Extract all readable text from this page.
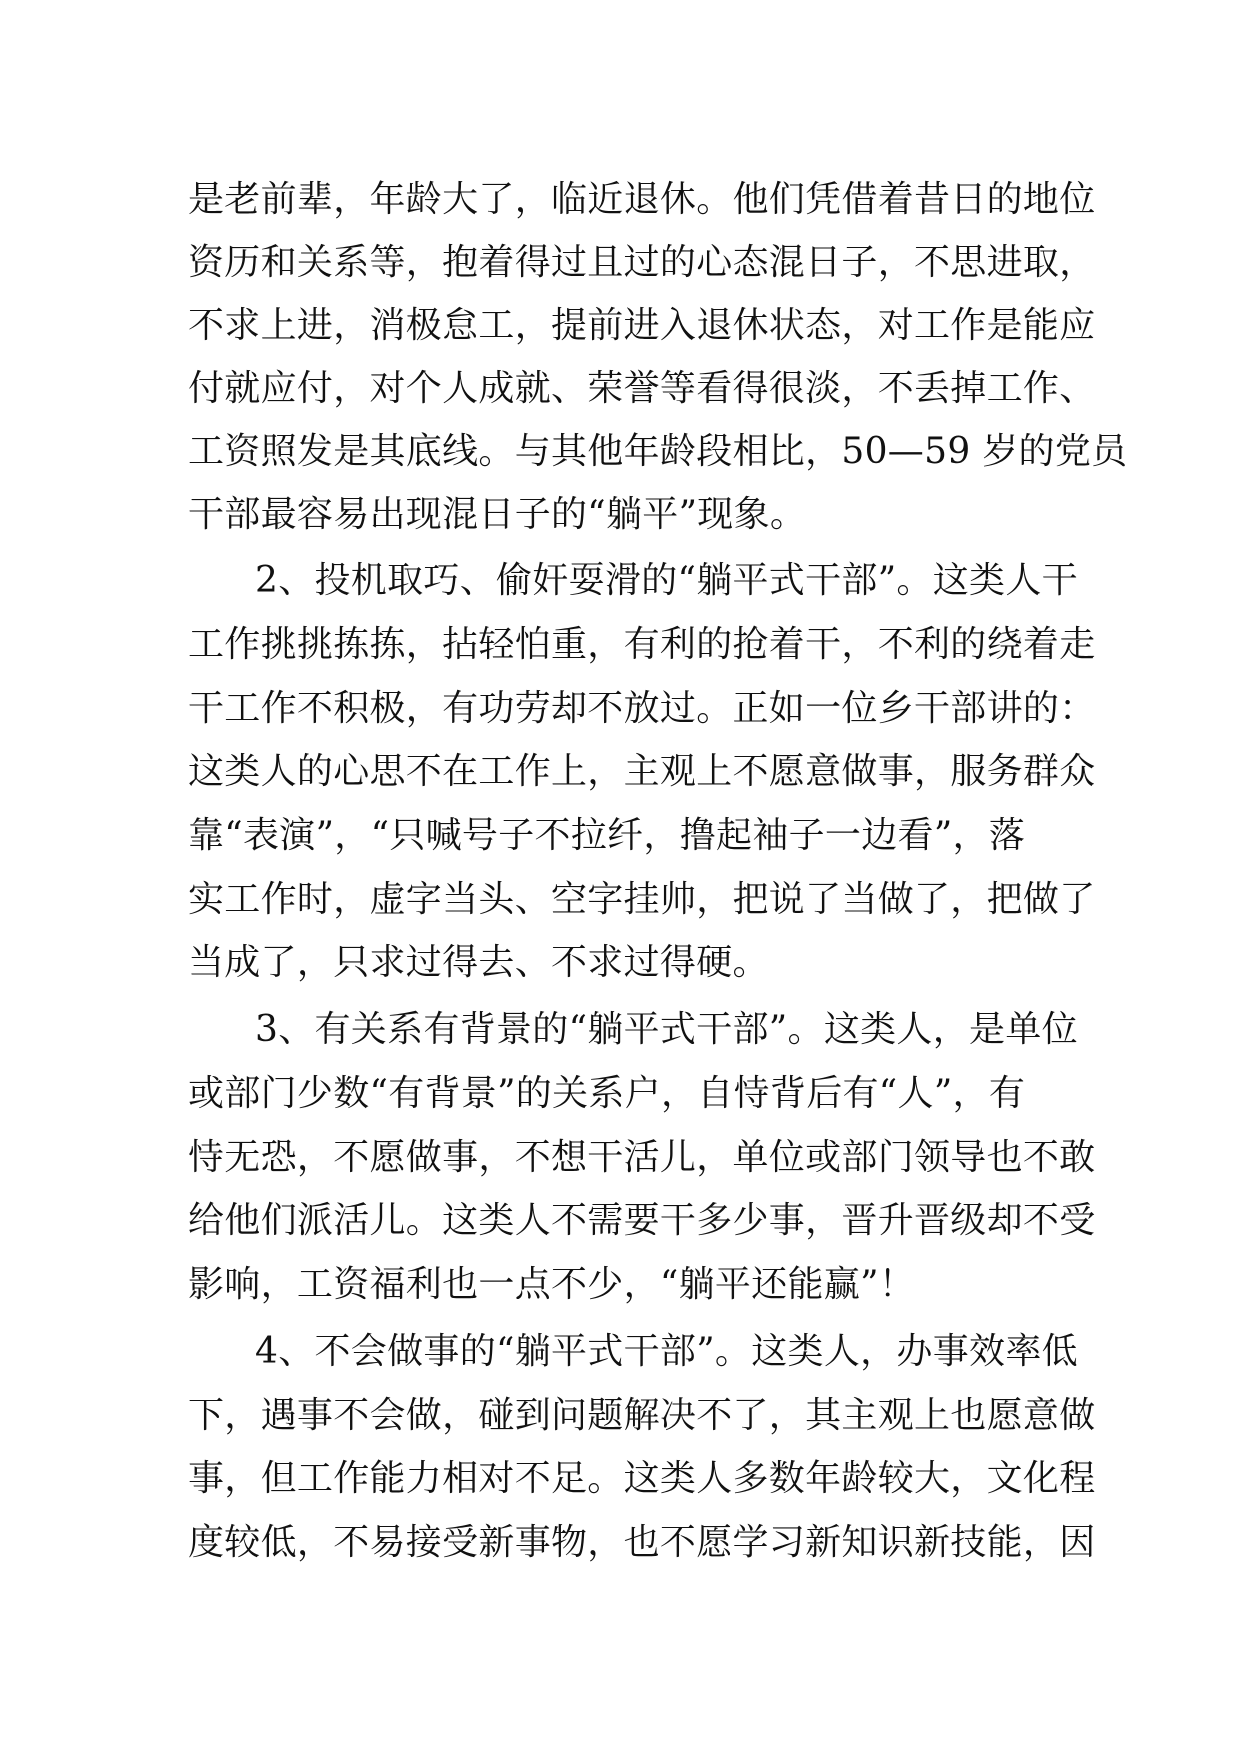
是老前辈，年龄大了，临近退休。他们凭借着昔日的地位

资历和关系等，抱着得过且过的心态混日子，不思进取，

不求上进，消极怠工，提前进入退休状态，对工作是能应

付就应付，对个人成就、荣誉等看得很淡，不丢掉工作、

工资照发是其底线。与其他年龄段相比，50—59 岁的党员

干部最容易出现混日子的“躺平”现象。

2、投机取巧、偷奸耍滑的“躺平式干部”。这类人干

工作挑挑拣拣，拈轻怕重，有利的抢着干，不利的绕着走

干工作不积极，有功劳却不放过。正如一位乡干部讲的：

这类人的心思不在工作上，主观上不愿意做事，服务群众

靠“表演”，“只喊号子不拉纤，撸起袖子一边看”，落

实工作时，虚字当头、空字挂帅，把说了当做了，把做了

当成了，只求过得去、不求过得硬。

3、有关系有背景的“躺平式干部”。这类人，是单位

或部门少数“有背景”的关系户，自恃背后有“人”，有

恃无恐，不愿做事，不想干活儿，单位或部门领导也不敢

给他们派活儿。这类人不需要干多少事，晋升晋级却不受

影响，工资福利也一点不少，“躺平还能赢”！

4、不会做事的“躺平式干部”。这类人，办事效率低

下，遇事不会做，碰到问题解决不了，其主观上也愿意做

事，但工作能力相对不足。这类人多数年龄较大，文化程

度较低，不易接受新事物，也不愿学习新知识新技能，因
